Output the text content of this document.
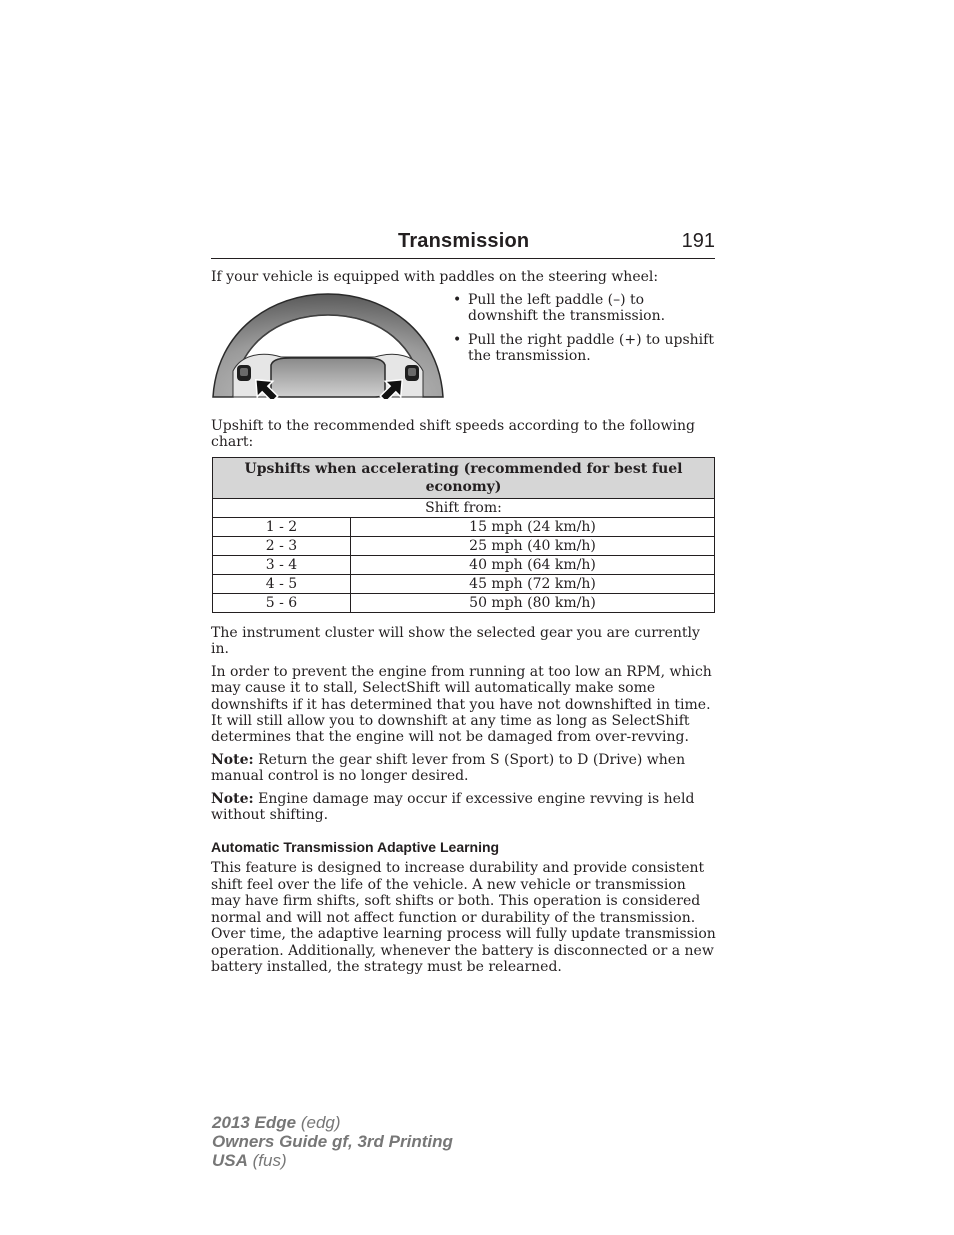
Transmission	191
If your vehicle is equipped with paddles on the steering wheel:
• Pull the left paddle (–) to downshift the transmission.
• Pull the right paddle (+) to upshift the transmission.
Upshift to the recommended shift speeds according to the following chart:
Upshifts when accelerating (recommended for best fuel economy)	
Shift from:	
1 - 2	15 mph (24 km/h)
2 - 3	25 mph (40 km/h)
3 - 4	40 mph (64 km/h)
4 - 5	45 mph (72 km/h)
5 - 6	50 mph (80 km/h)

The instrument cluster will show the selected gear you are currently in.

In order to prevent the engine from running at too low an RPM, which may cause it to stall, SelectShift will automatically make some downshifts if it has determined that you have not downshifted in time. It will still allow you to downshift at any time as long as SelectShift determines that the engine will not be damaged from over-revving.

Note: Return the gear shift lever from S (Sport) to D (Drive) when manual control is no longer desired.

Note: Engine damage may occur if excessive engine revving is held without shifting.

Automatic Transmission Adaptive Learning

This feature is designed to increase durability and provide consistent shift feel over the life of the vehicle. A new vehicle or transmission may have firm shifts, soft shifts or both. This operation is considered normal and will not affect function or durability of the transmission. Over time, the adaptive learning process will fully update transmission operation. Additionally, whenever the battery is disconnected or a new battery installed, the strategy must be relearned.

2013 Edge (edg)
Owners Guide gf, 3rd Printing
USA (fus)
